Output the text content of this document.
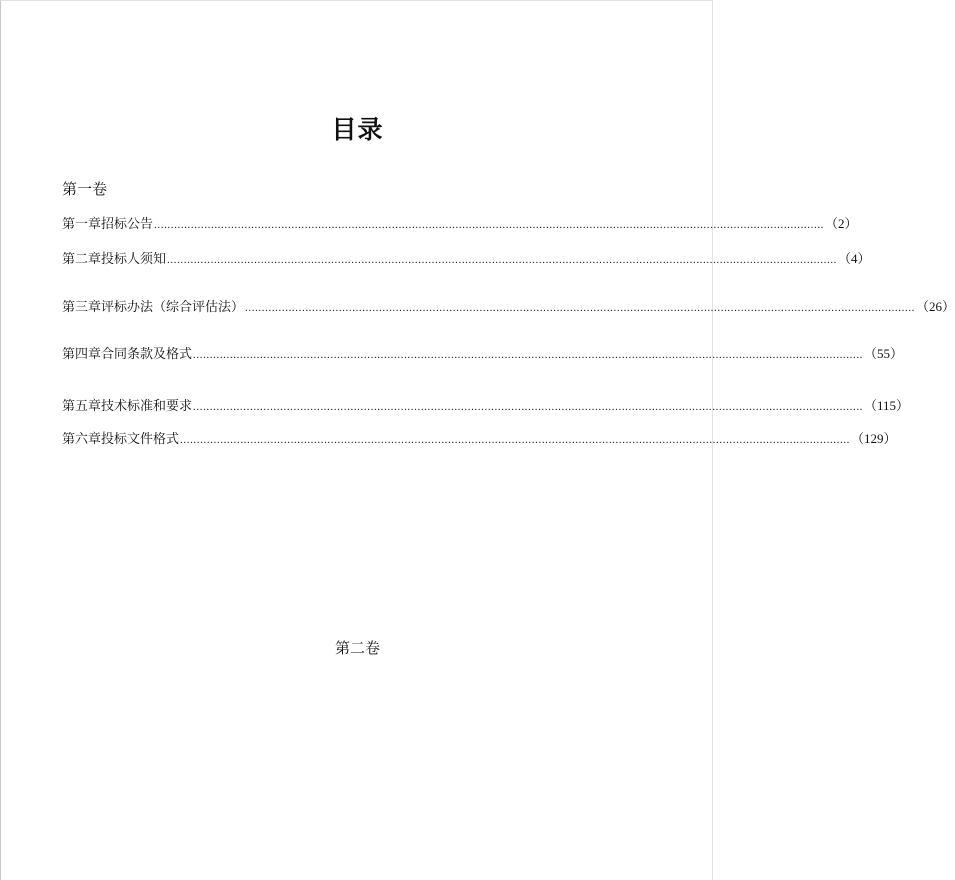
目录
第一卷
第一章 招标公告 ........................................................................................................................................................................................................ （2）
第二章 投标人须知 ........................................................................................................................................................................................................ （4）
第三章 评标办法（综合评估法） ........................................................................................................................................................................................................ （26）
第四章 合同条款及格式 ........................................................................................................................................................................................................ （55）
第五章 技术标准和要求 ........................................................................................................................................................................................................ （115）
第六章 投标文件格式 ........................................................................................................................................................................................................ （129）
第二卷
